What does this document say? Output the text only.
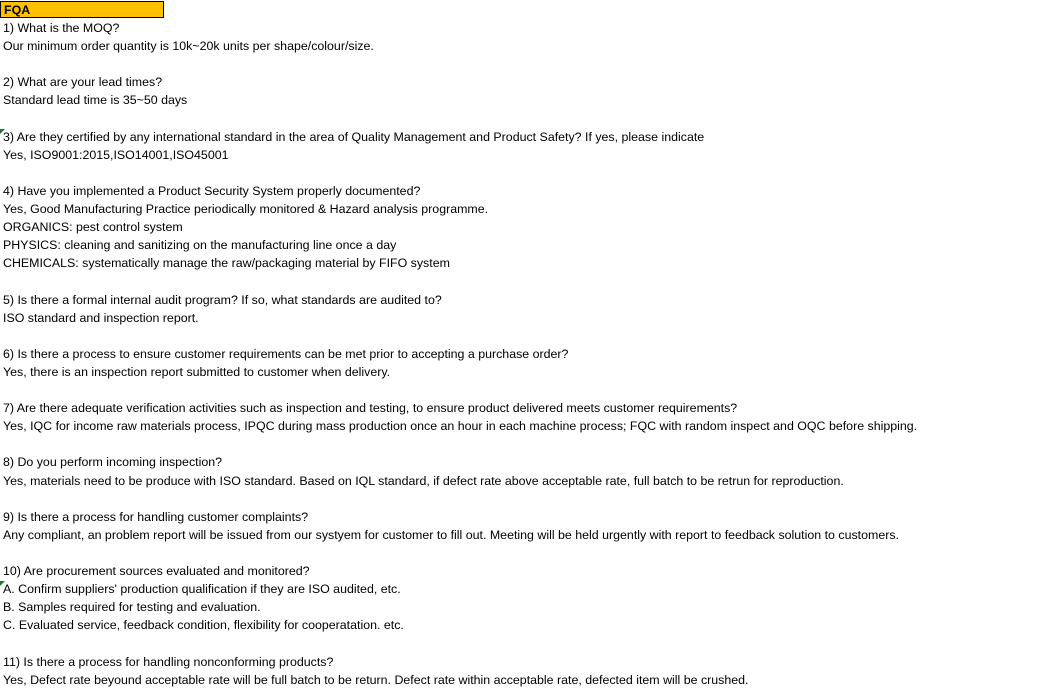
FQA
1) What is the MOQ?
Our minimum order quantity is 10k~20k units per shape/colour/size.
2) What are your lead times?
Standard lead time is 35~50 days
3) Are they certified by any international standard in the area of Quality Management and Product Safety? If yes, please indicate
Yes, ISO9001:2015,ISO14001,ISO45001
4) Have you implemented a Product Security System properly documented?
Yes, Good Manufacturing Practice periodically monitored & Hazard analysis programme.
ORGANICS: pest control system
PHYSICS: cleaning and sanitizing on the manufacturing line once a day
CHEMICALS: systematically manage the raw/packaging material by FIFO system
5) Is there a formal internal audit program? If so, what standards are audited to?
ISO standard and inspection report.
6) Is there a process to ensure customer requirements can be met prior to accepting a purchase order?
Yes, there is an inspection report submitted to customer when delivery.
7) Are there adequate verification activities such as inspection and testing, to ensure product delivered meets customer requirements?
Yes, IQC for income raw materials process, IPQC during mass production once an hour in each machine process; FQC with random inspect and OQC before shipping.
8) Do you perform incoming inspection?
Yes, materials need to be produce with ISO standard. Based on IQL standard, if defect rate above acceptable rate, full batch to be retrun for reproduction.
9) Is there a process for handling customer complaints?
Any compliant, an problem report will be issued from our systyem for customer to fill out. Meeting will be held urgently with report to feedback solution to customers.
10) Are procurement sources evaluated and monitored?
A. Confirm suppliers' production qualification if they are ISO audited, etc.
B. Samples required for testing and evaluation.
C. Evaluated service, feedback condition, flexibility for cooperatation. etc.
11) Is there a process for handling nonconforming products?
Yes, Defect rate beyound acceptable rate will be full batch to be return. Defect rate within acceptable rate, defected item will be crushed.
